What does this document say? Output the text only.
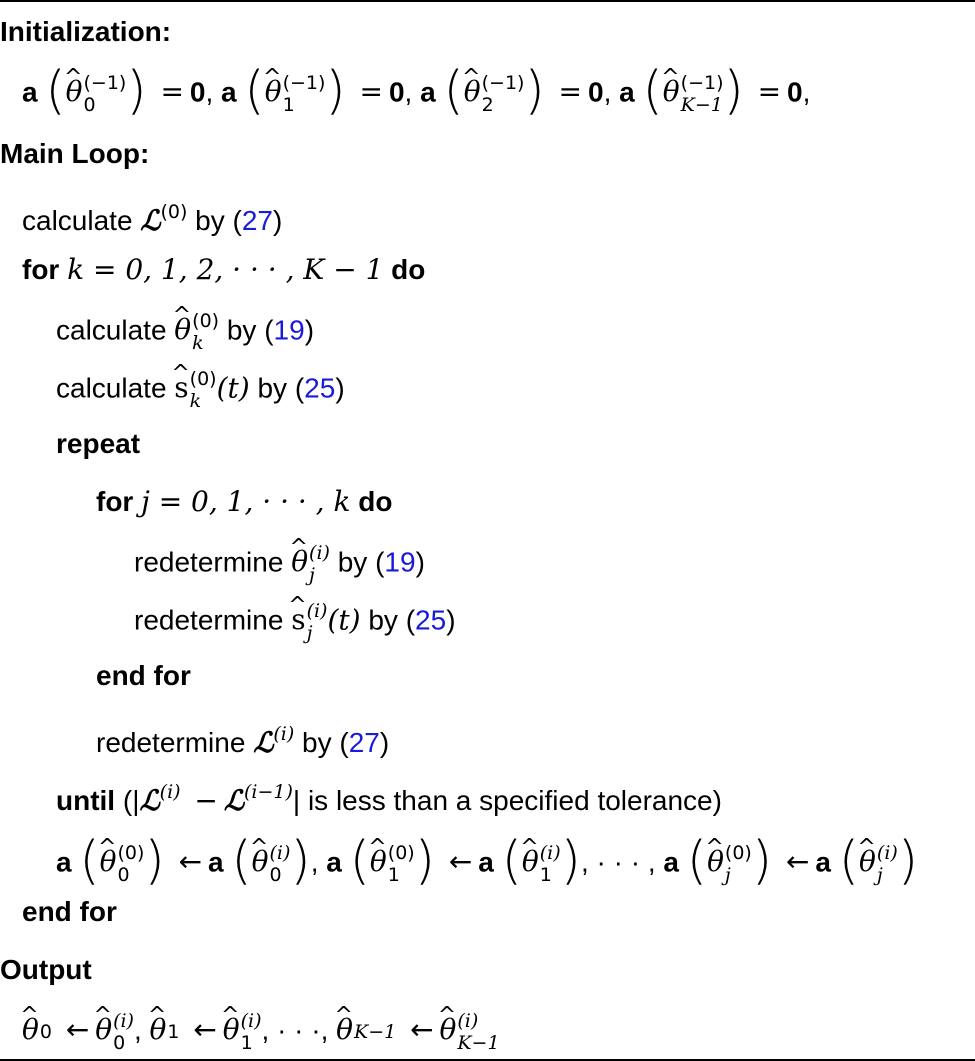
Initialization:
a (^ θ (−1)
0 ) = 0, a (^ θ (−1)
1 ) = 0, a (^ θ (−1)
2 ) = 0, a (^ θ (−1)
K−1 ) = 0,
Main Loop:
calculate ℒ$^{(0)}$ by (27)
for k = 0, 1, 2, · · · , K − 1 do
calculate ^ θ (0)
k by (19)
calculate ^ s (0)
k (t) by (25)
repeat
for j = 0, 1, · · · , k do
redetermine ^ θ (i)
j by (19)
redetermine ^ s (i)
j (t) by (25)
end for
redetermine ℒ$^{(i)}$ by (27)
until (|ℒ$^{(i)}$ − ℒ$^{(i-1)}$| is less than a specified tolerance)
a (^ θ (0)
0 ) ← a (^ θ (i)
0 ), a (^ θ (0)
1 ) ← a (^ θ (i)
1 ), · · · , a (^ θ (0)
j ) ← a (^ θ (i)
j )
end for
Output
^ θ 0 ← ^ θ (i)
0 , ^ θ 1 ← ^ θ (i)
1 , · · ·, ^ θ K−1 ← ^ θ (i)
K−1
